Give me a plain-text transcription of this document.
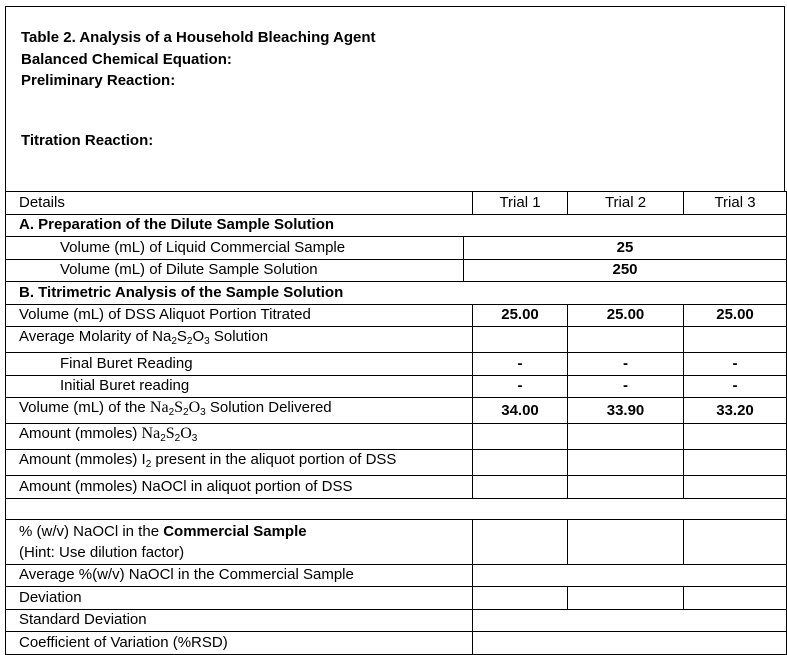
Table 2. Analysis of a Household Bleaching Agent
Balanced Chemical Equation:
Preliminary Reaction:
Titration Reaction:
Details		Trial 1	Trial 2	Trial 3
A. Preparation of the Dilute Sample Solution				
Volume (mL) of Liquid Commercial Sample	25			
Volume (mL) of Dilute Sample Solution	250			
B. Titrimetric Analysis of the Sample Solution				
Volume (mL) of DSS Aliquot Portion Titrated		25.00	25.00	25.00
Average Molarity of $Na_2S_2O_3$ Solution				
Final Buret Reading		-	-	-
Initial Buret reading		-	-	-
Volume (mL) of the $Na_2S_2O_3$ Solution Delivered		34.00	33.90	33.20
Amount (mmoles) $Na_2S_2O_3$			
Amount (mmoles) $I_2$ present in the aliquot portion of DSS				
Amount (mmoles) NaOCl in aliquot portion of DSS				

% (w/v) NaOCl in the Commercial Sample
(Hint: Use dilution factor)				
Average %(w/v) NaOCl in the Commercial Sample				
Deviation				
Standard Deviation				
Coefficient of Variation (%RSD)				
